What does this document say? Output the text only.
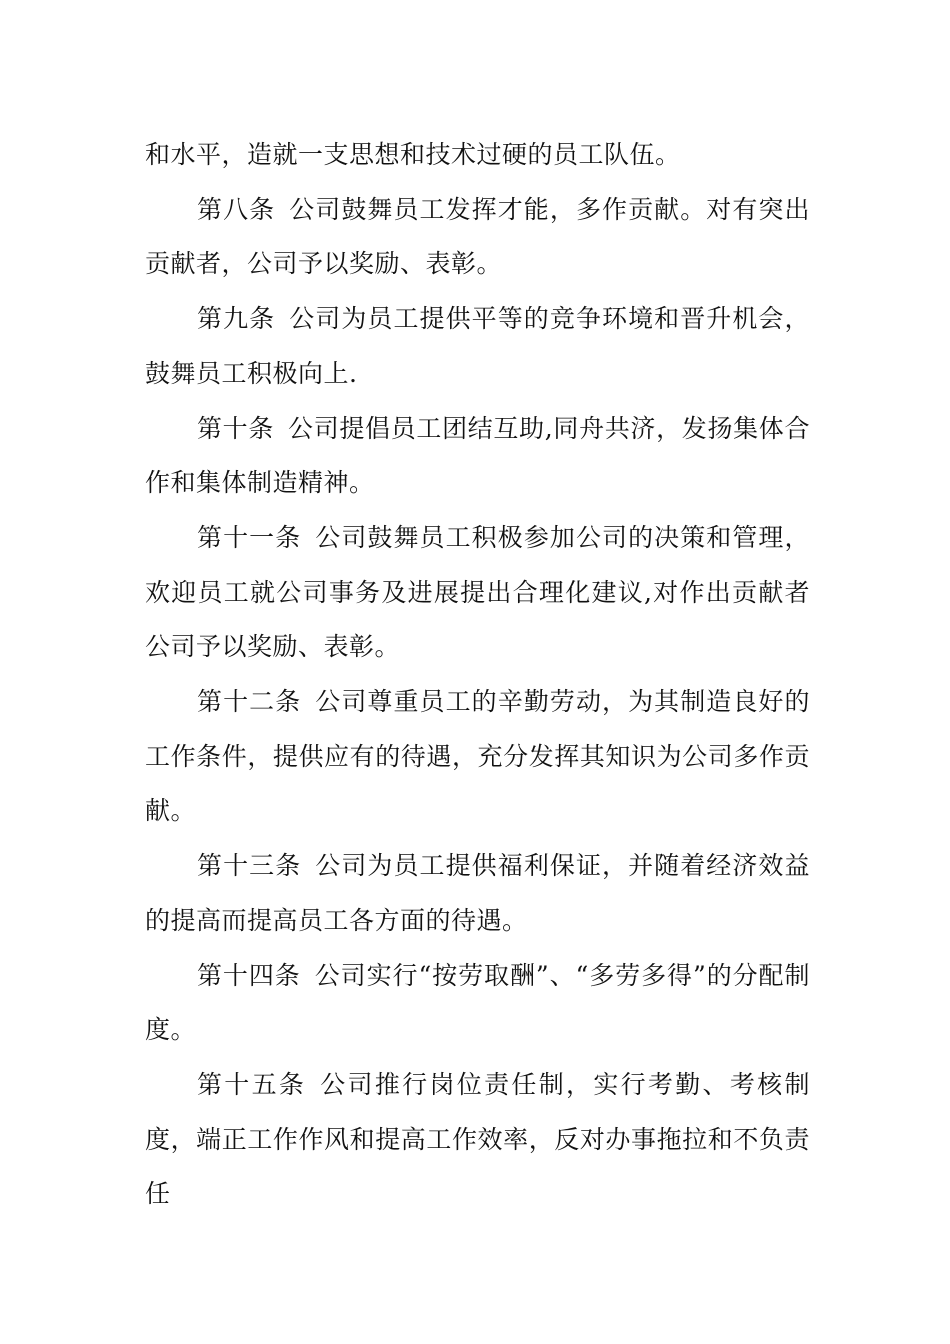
和水平，造就一支思想和技术过硬的员工队伍。

第八条 公司鼓舞员工发挥才能，多作贡献。对有突出贡献者，公司予以奖励、表彰。

第九条 公司为员工提供平等的竞争环境和晋升机会，鼓舞员工积极向上.

第十条 公司提倡员工团结互助,同舟共济，发扬集体合作和集体制造精神。

第十一条 公司鼓舞员工积极参加公司的决策和管理，欢迎员工就公司事务及进展提出合理化建议,对作出贡献者公司予以奖励、表彰。

第十二条 公司尊重员工的辛勤劳动，为其制造良好的工作条件，提供应有的待遇，充分发挥其知识为公司多作贡献。

第十三条 公司为员工提供福利保证，并随着经济效益的提高而提高员工各方面的待遇。

第十四条 公司实行“按劳取酬”、“多劳多得”的分配制度。

第十五条 公司推行岗位责任制，实行考勤、考核制度，端正工作作风和提高工作效率，反对办事拖拉和不负责任
